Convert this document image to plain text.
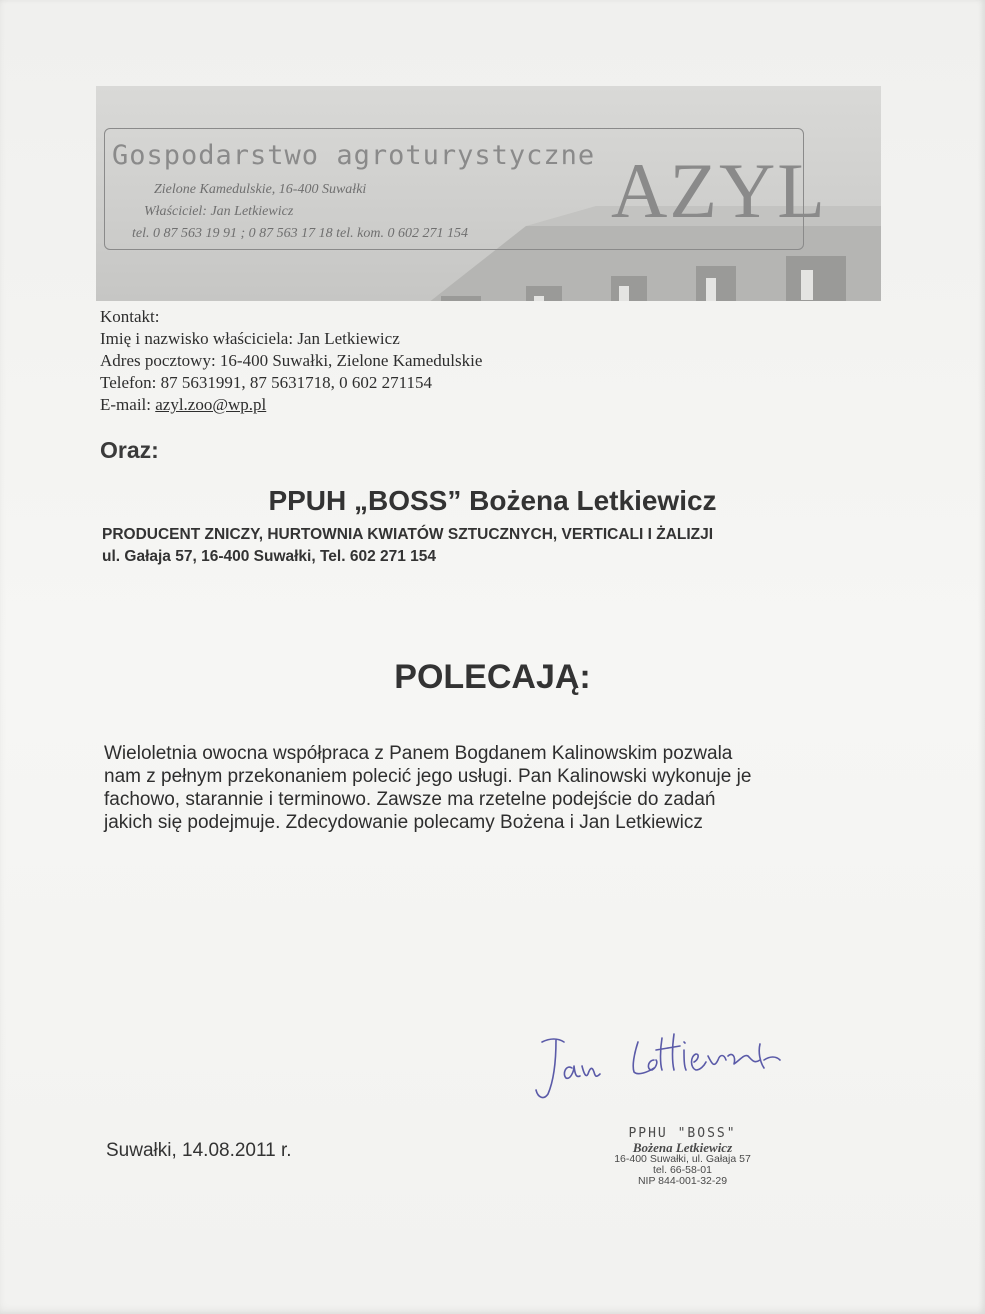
Gospodarstwo agroturystyczne
Zielone Kamedulskie, 16-400 Suwałki
Właściciel: Jan Letkiewicz
tel. 0 87 563 19 91 ; 0 87 563 17 18 tel. kom. 0 602 271 154 AZYL
Kontakt:
Imię i nazwisko właściciela: Jan Letkiewicz
Adres pocztowy: 16-400 Suwałki, Zielone Kamedulskie
Telefon: 87 5631991, 87 5631718, 0 602 271154
E-mail: azyl.zoo@wp.pl
Oraz:
PPUH „BOSS” Bożena Letkiewicz
PRODUCENT ZNICZY, HURTOWNIA KWIATÓW SZTUCZNYCH, VERTICALI I ŻALIZJI
ul. Gałaja 57, 16-400 Suwałki, Tel. 602 271 154
POLECAJĄ:

Wieloletnia owocna współpraca z Panem Bogdanem Kalinowskim pozwala

nam z pełnym przekonaniem polecić jego usługi. Pan Kalinowski wykonuje je

fachowo, starannie i terminowo. Zawsze ma rzetelne podejście do zadań

jakich się podejmuje. Zdecydowanie polecamy Bożena i Jan Letkiewicz

Suwałki, 14.08.2011 r.
PPHU "BOSS"
Bożena Letkiewicz
16-400 Suwałki, ul. Gałaja 57
tel. 66-58-01
NIP 844-001-32-29
